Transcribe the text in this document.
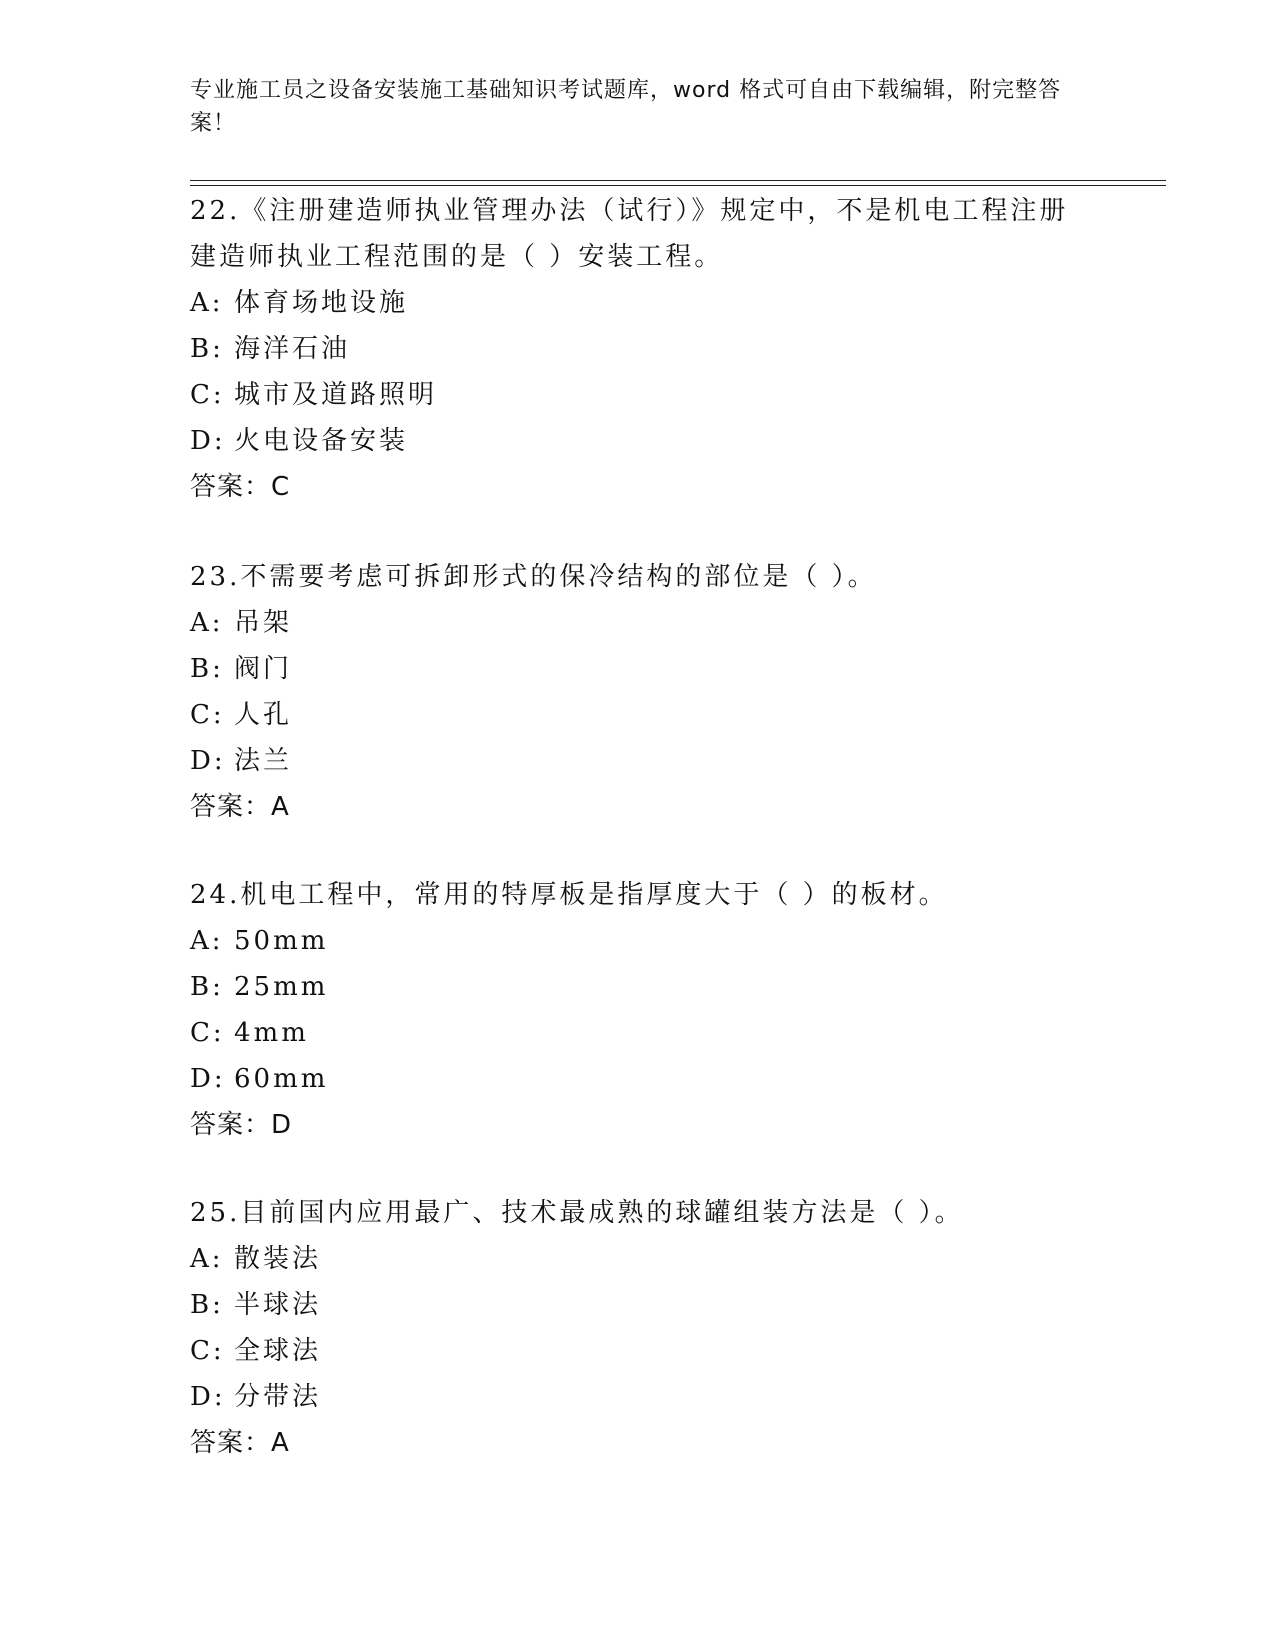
专业施工员之设备安装施工基础知识考试题库，word 格式可自由下载编辑，附完整答案！

22.《注册建造师执业管理办法（试行）》规定中，不是机电工程注册建造师执业工程范围的是（ ）安装工程。

A: 体育场地设施

B: 海洋石油

C: 城市及道路照明

D: 火电设备安装

答案：C

23.不需要考虑可拆卸形式的保冷结构的部位是（ ）。

A: 吊架

B: 阀门

C: 人孔

D: 法兰

答案：A

24.机电工程中，常用的特厚板是指厚度大于（ ）的板材。

A: 50mm

B: 25mm

C: 4mm

D: 60mm

答案：D

25.目前国内应用最广、技术最成熟的球罐组装方法是（ ）。

A: 散装法

B: 半球法

C: 全球法

D: 分带法

答案：A
